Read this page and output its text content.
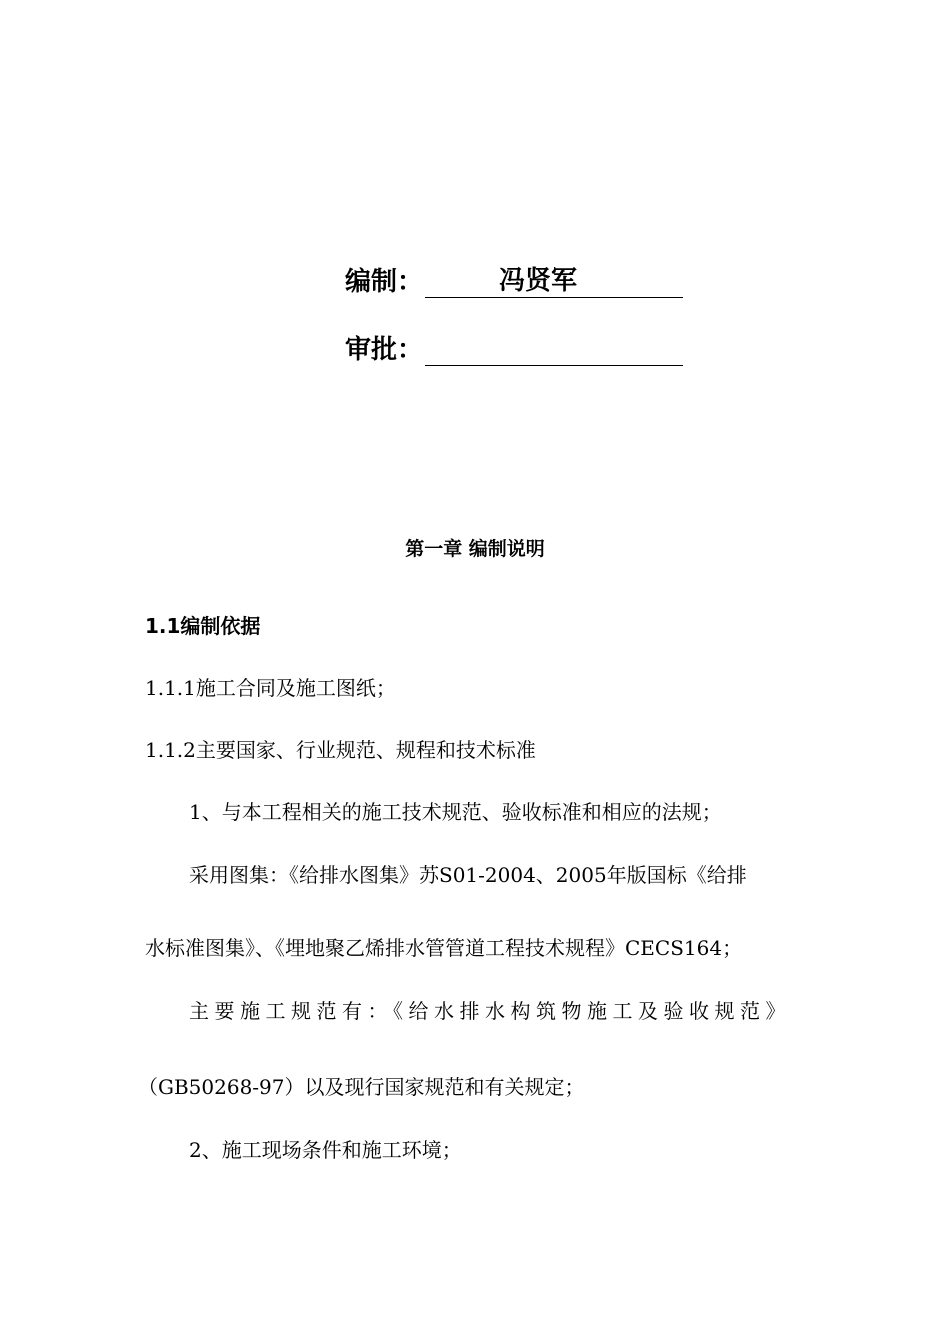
编制：	冯贤军
审批：
第一章 编制说明
1.1编制依据
1.1.1施工合同及施工图纸；
1.1.2主要国家、行业规范、规程和技术标准
1、与本工程相关的施工技术规范、验收标准和相应的法规；
采用图集：《给排水图集》苏S01-2004、2005年版国标《给排
水标准图集》、《埋地聚乙烯排水管管道工程技术规程》CECS164；
主要施工规范有：《给水排水构筑物施工及验收规范》
（GB50268-97）以及现行国家规范和有关规定；
2、施工现场条件和施工环境；
